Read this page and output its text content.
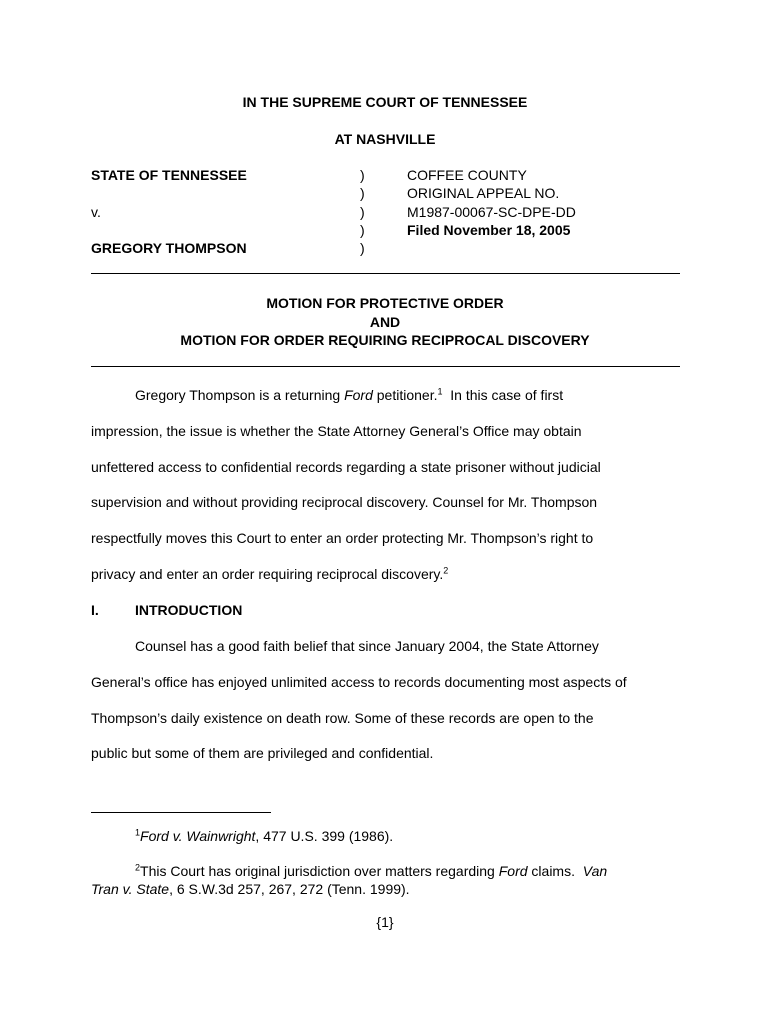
IN THE SUPREME COURT OF TENNESSEE
AT NASHVILLE
STATE OF TENNESSEE
v.
GREGORY THOMPSON
)
)
)
)
)
COFFEE COUNTY
ORIGINAL APPEAL NO.
M1987-00067-SC-DPE-DD
Filed November 18, 2005
MOTION FOR PROTECTIVE ORDER
AND
MOTION FOR ORDER REQUIRING RECIPROCAL DISCOVERY
Gregory Thompson is a returning Ford petitioner.$^1$  In this case of first
impression, the issue is whether the State Attorney General’s Office may obtain
unfettered access to confidential records regarding a state prisoner without judicial
supervision and without providing reciprocal discovery. Counsel for Mr. Thompson
respectfully moves this Court to enter an order protecting Mr. Thompson’s right to
privacy and enter an order requiring reciprocal discovery.$^2$
I.	INTRODUCTION
Counsel has a good faith belief that since January 2004, the State Attorney
General’s office has enjoyed unlimited access to records documenting most aspects of
Thompson’s daily existence on death row. Some of these records are open to the
public but some of them are privileged and confidential.
$^1$Ford v. Wainwright, 477 U.S. 399 (1986).
$^2$This Court has original jurisdiction over matters regarding Ford claims.  Van
Tran v. State, 6 S.W.3d 257, 267, 272 (Tenn. 1999).
{1}
